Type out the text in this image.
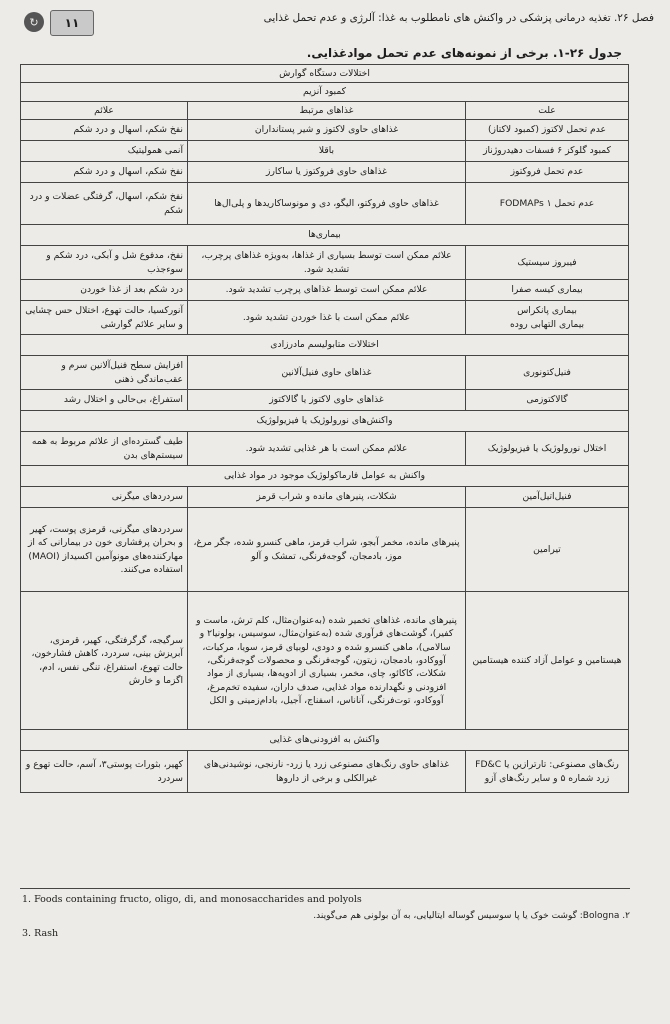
↻	۱۱	فصل ۲۶. تغذیه درمانی پزشکی در واکنش های نامطلوب به غذا: آلرژی و عدم تحمل غذایی
جدول ۲۶-۱. برخی از نمونه‌های عدم تحمل موادغذایی.
اختلالات دستگاه گوارش		
کمبود آنزیم		
علت	غذاهای مرتبط	علائم
عدم تحمل لاکتوز (کمبود لاکتاز)	غذاهای حاوی لاکتوز و شیر پستانداران	نفخ شکم، اسهال و درد شکم
کمبود گلوکز ۶ فسفات دهیدروژناز	باقلا	آنمی همولیتیک
عدم تحمل فروکتوز	غذاهای حاوی فروکتوز یا ساکارز	نفخ شکم، اسهال و درد شکم
عدم تحمل FODMAPs ۱	غذاهای حاوی فروکتو، الیگو، دی و مونوساکاریدها و پلی‌ال‌ها	نفخ شکم، اسهال، گرفتگی عضلات و درد شکم
بیماری‌ها		
فیبروز سیستیک	علائم ممکن است توسط بسیاری از غذاها، به‌ویژه غذاهای پرچرب، تشدید شود.	نفخ، مدفوع شل و آبکی، درد شکم و سوءجذب
بیماری کیسه صفرا	علائم ممکن است توسط غذاهای پرچرب تشدید شود.	درد شکم بعد از غذا خوردن
بیماری پانکراس
بیماری التهابی روده	علائم ممکن است با غذا خوردن تشدید شود.	آنورکسیا، حالت تهوع، اختلال حس چشایی و سایر علائم گوارشی
اختلالات متابولیسم مادرزادی		
فنیل‌کتونوری	غذاهای حاوی فنیل‌آلانین	افزایش سطح فنیل‌آلانین سرم و عقب‌ماندگی ذهنی
گالاکتوزمی	غذاهای حاوی لاکتوز یا گالاکتوز	استفراغ، بی‌حالی و اختلال رشد
واکنش‌های نورولوژیک یا فیزیولوژیک		
اختلال نورولوژیک یا فیزیولوژیک	علائم ممکن است با هر غذایی تشدید شود.	طیف گسترده‌ای از علائم مربوط به همه سیستم‌های بدن
واکنش به عوامل فارماکولوژیک موجود در مواد غذایی		
فنیل‌اتیل‌آمین	شکلات، پنیرهای مانده و شراب قرمز	سردردهای میگرنی
تیرامین	پنیرهای مانده، مخمر آبجو، شراب قرمز، ماهی کنسرو شده، جگر مرغ، موز، بادمجان، گوجه‌فرنگی، تمشک و آلو	سردردهای میگرنی، قرمزی پوست، کهیر و بحران پرفشاری خون در بیمارانی که از مهارکننده‌های مونوآمین اکسیداز (MAOI) استفاده می‌کنند.
هیستامین و عوامل آزاد کننده هیستامین	پنیرهای مانده، غذاهای تخمیر شده (به‌عنوان‌مثال، کلم ترش، ماست و کفیر)، گوشت‌های فرآوری شده (به‌عنوان‌مثال، سوسیس، بولونیا۲ و سالامی)، ماهی کنسرو شده و دودی، لوبیای قرمز، سویا، مرکبات، آووکادو، بادمجان، زیتون، گوجه‌فرنگی و محصولات گوجه‌فرنگی، شکلات، کاکائو، چای، مخمر، بسیاری از ادویه‌ها، بسیاری از مواد افزودنی و نگهدارنده مواد غذایی، صدف داران، سفیده تخم‌مرغ، آووکادو، توت‌فرنگی، آناناس، اسفناج، آجیل، بادام‌زمینی و الکل	سرگیجه، گرگرفتگی، کهیر، قرمزی، آبریزش بینی، سردرد، کاهش فشارخون، حالت تهوع، استفراغ، تنگی نفس، ادم، اگزما و خارش
واکنش به افزودنی‌های غذایی		
رنگ‌های مصنوعی: تارترازین یا FD&C زرد شماره ۵ و سایر رنگ‌های آزو	غذاهای حاوی رنگ‌های مصنوعی زرد یا زرد- نارنجی، نوشیدنی‌های غیرالکلی و برخی از داروها	کهیر، بثورات پوستی۳، آسم، حالت تهوع و سردرد
1. Foods containing fructo, oligo, di, and monosaccharides and polyols
۲. Bologna: گوشت خوک یا پا سوسیس گوساله ایتالیایی، به آن بولونی هم می‌گویند.
3. Rash
